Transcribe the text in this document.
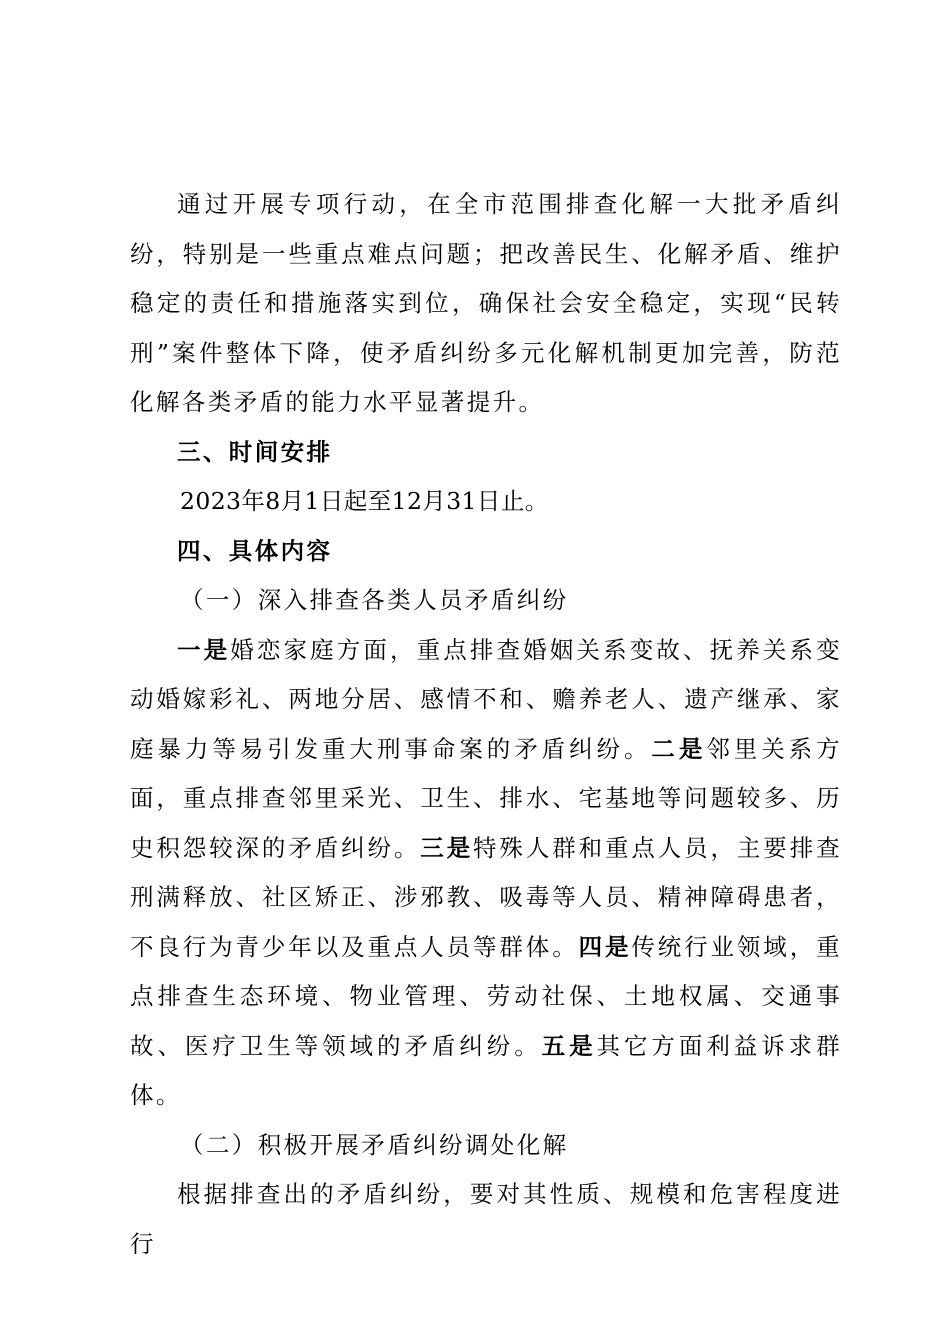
通过开展专项行动，在全市范围排查化解一大批矛盾纠纷，特别是一些重点难点问题；把改善民生、化解矛盾、维护稳定的责任和措施落实到位，确保社会安全稳定，实现“民转刑”案件整体下降，使矛盾纠纷多元化解机制更加完善，防范化解各类矛盾的能力水平显著提升。

三、时间安排

2023年8月1日起至12月31日止。

四、具体内容

（一）深入排查各类人员矛盾纠纷

一是婚恋家庭方面，重点排查婚姻关系变故、抚养关系变动婚嫁彩礼、两地分居、感情不和、赡养老人、遗产继承、家庭暴力等易引发重大刑事命案的矛盾纠纷。二是邻里关系方面，重点排查邻里采光、卫生、排水、宅基地等问题较多、历史积怨较深的矛盾纠纷。三是特殊人群和重点人员，主要排查刑满释放、社区矫正、涉邪教、吸毒等人员、精神障碍患者，不良行为青少年以及重点人员等群体。四是传统行业领域，重点排查生态环境、物业管理、劳动社保、土地权属、交通事故、医疗卫生等领域的矛盾纠纷。五是其它方面利益诉求群体。

（二）积极开展矛盾纠纷调处化解

根据排查出的矛盾纠纷，要对其性质、规模和危害程度进行
